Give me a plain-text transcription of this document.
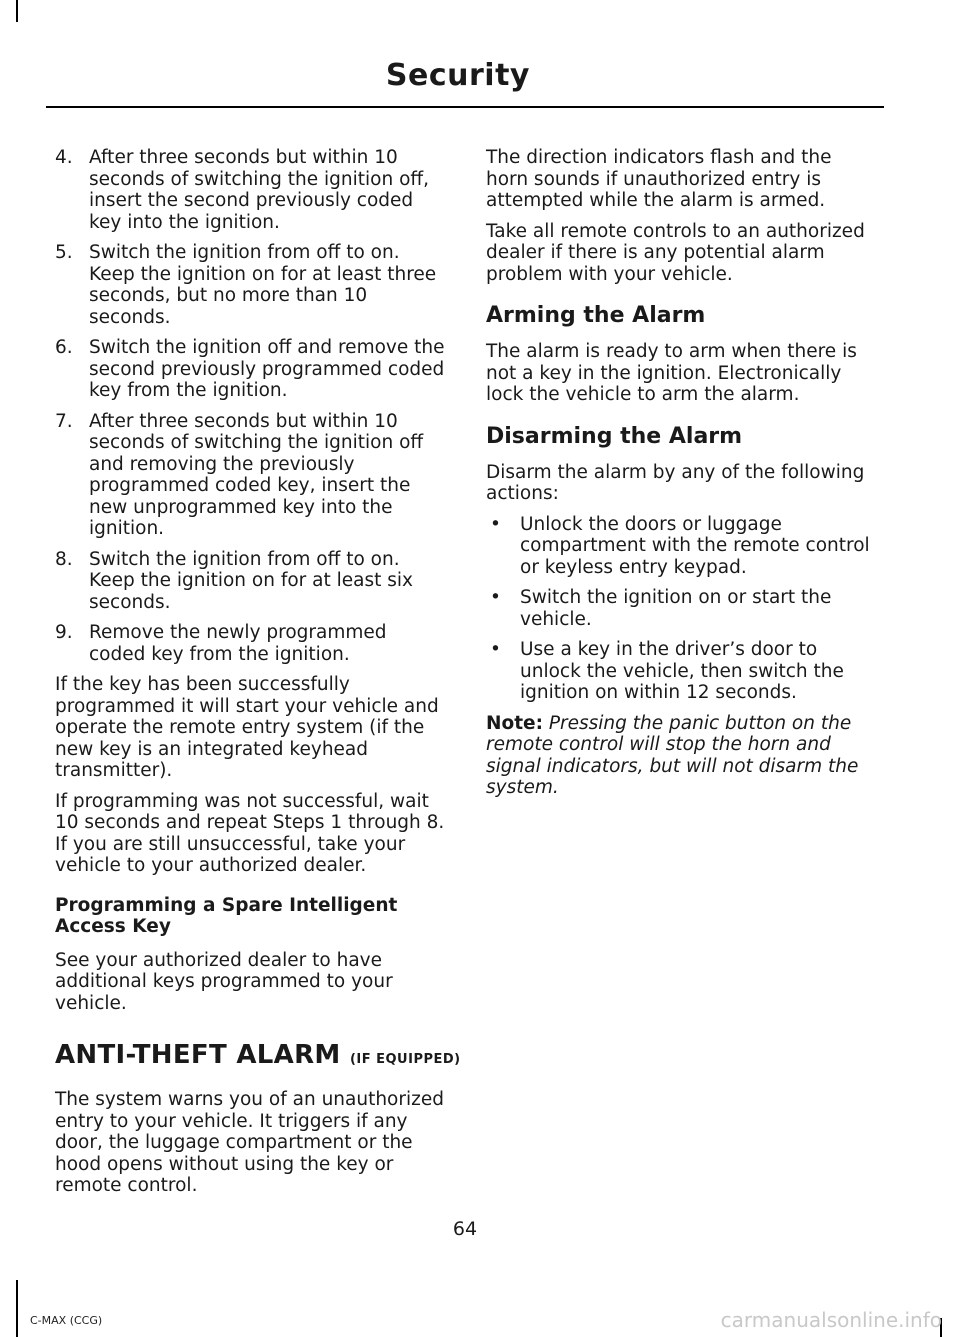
Security
4. After three seconds but within 10 seconds of switching the ignition off, insert the second previously coded key into the ignition.
5. Switch the ignition from off to on. Keep the ignition on for at least three seconds, but no more than 10 seconds.
6. Switch the ignition off and remove the second previously programmed coded key from the ignition.
7. After three seconds but within 10 seconds of switching the ignition off and removing the previously programmed coded key, insert the new unprogrammed key into the ignition.
8. Switch the ignition from off to on. Keep the ignition on for at least six seconds.
9. Remove the newly programmed coded key from the ignition.

If the key has been successfully programmed it will start your vehicle and operate the remote entry system (if the new key is an integrated keyhead transmitter).

If programming was not successful, wait 10 seconds and repeat Steps 1 through 8. If you are still unsuccessful, take your vehicle to your authorized dealer.

Programming a Spare Intelligent Access Key

See your authorized dealer to have additional keys programmed to your vehicle.

ANTI-THEFT ALARM (IF EQUIPPED)

The system warns you of an unauthorized entry to your vehicle. It triggers if any door, the luggage compartment or the hood opens without using the key or remote control.

The direction indicators flash and the horn sounds if unauthorized entry is attempted while the alarm is armed.

Take all remote controls to an authorized dealer if there is any potential alarm problem with your vehicle.

Arming the Alarm

The alarm is ready to arm when there is not a key in the ignition. Electronically lock the vehicle to arm the alarm.

Disarming the Alarm

Disarm the alarm by any of the following actions:

• Unlock the doors or luggage compartment with the remote control or keyless entry keypad.
• Switch the ignition on or start the vehicle.
• Use a key in the driver’s door to unlock the vehicle, then switch the ignition on within 12 seconds.

Note: Pressing the panic button on the remote control will stop the horn and signal indicators, but will not disarm the system.

64
C-MAX (CCG)	carmanualsonline.info
